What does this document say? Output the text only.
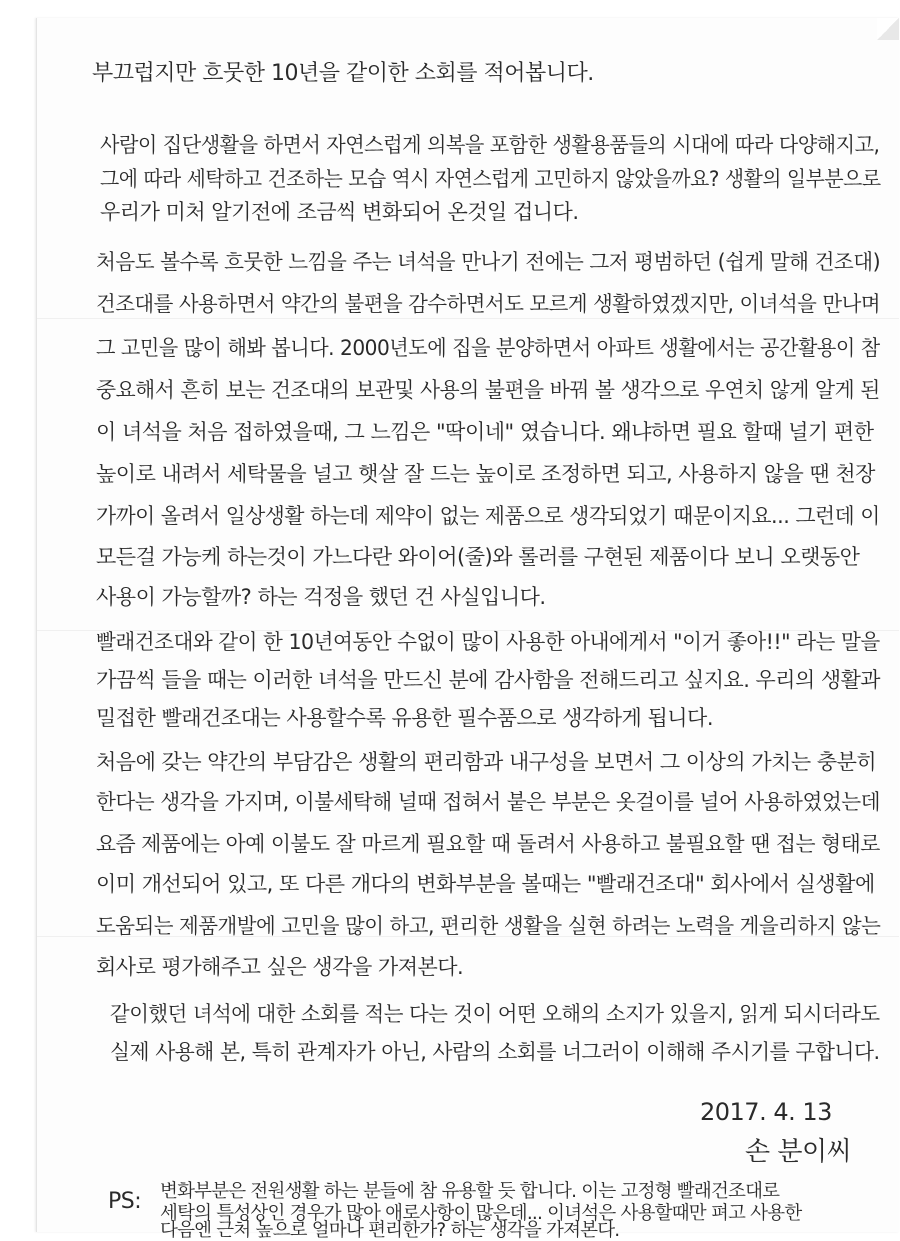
부끄럽지만 흐뭇한 10년을 같이한 소회를 적어봅니다.
사람이 집단생활을 하면서 자연스럽게 의복을 포함한 생활용품들의 시대에 따라 다양해지고,
그에 따라 세탁하고 건조하는 모습 역시 자연스럽게 고민하지 않았을까요? 생활의 일부분으로
우리가 미처 알기전에 조금씩 변화되어 온것일 겁니다.
처음도 볼수록 흐뭇한 느낌을 주는 녀석을 만나기 전에는 그저 평범하던 (쉽게 말해 건조대)
건조대를 사용하면서 약간의 불편을 감수하면서도 모르게 생활하였겠지만, 이녀석을 만나며
그 고민을 많이 해봐 봅니다. 2000년도에 집을 분양하면서 아파트 생활에서는 공간활용이 참
중요해서 흔히 보는 건조대의 보관및 사용의 불편을 바꿔 볼 생각으로 우연치 않게 알게 된
이 녀석을 처음 접하였을때, 그 느낌은 "딱이네" 였습니다. 왜냐하면 필요 할때 널기 편한
높이로 내려서 세탁물을 널고 햇살 잘 드는 높이로 조정하면 되고, 사용하지 않을 땐 천장
가까이 올려서 일상생활 하는데 제약이 없는 제품으로 생각되었기 때문이지요... 그런데 이
모든걸 가능케 하는것이 가느다란 와이어(줄)와 롤러를 구현된 제품이다 보니 오랫동안
사용이 가능할까? 하는 걱정을 했던 건 사실입니다.
빨래건조대와 같이 한 10년여동안 수없이 많이 사용한 아내에게서 "이거 좋아!!" 라는 말을
가끔씩 들을 때는 이러한 녀석을 만드신 분에 감사함을 전해드리고 싶지요. 우리의 생활과
밀접한 빨래건조대는 사용할수록 유용한 필수품으로 생각하게 됩니다.
처음에 갖는 약간의 부담감은 생활의 편리함과 내구성을 보면서 그 이상의 가치는 충분히
한다는 생각을 가지며, 이불세탁해 널때 접혀서 붙은 부분은 옷걸이를 널어 사용하였었는데
요즘 제품에는 아예 이불도 잘 마르게 필요할 때 돌려서 사용하고 불필요할 땐 접는 형태로
이미 개선되어 있고, 또 다른 개다의 변화부분을 볼때는 "빨래건조대" 회사에서 실생활에
도움되는 제품개발에 고민을 많이 하고, 편리한 생활을 실현 하려는 노력을 게을리하지 않는
회사로 평가해주고 싶은 생각을 가져본다.
같이했던 녀석에 대한 소회를 적는 다는 것이 어떤 오해의 소지가 있을지, 읽게 되시더라도
실제 사용해 본, 특히 관계자가 아닌, 사람의 소회를 너그러이 이해해 주시기를 구합니다.
2017. 4. 13
손 분이씨
PS: 변화부분은 전원생활 하는 분들에 참 유용할 듯 합니다. 이는 고정형 빨래건조대로
세탁의 특성상인 경우가 많아 애로사항이 많은데... 이녀석은 사용할때만 펴고 사용한
다음엔 근처 높으로 얼마나 편리한가? 하는 생각을 가져본다.
